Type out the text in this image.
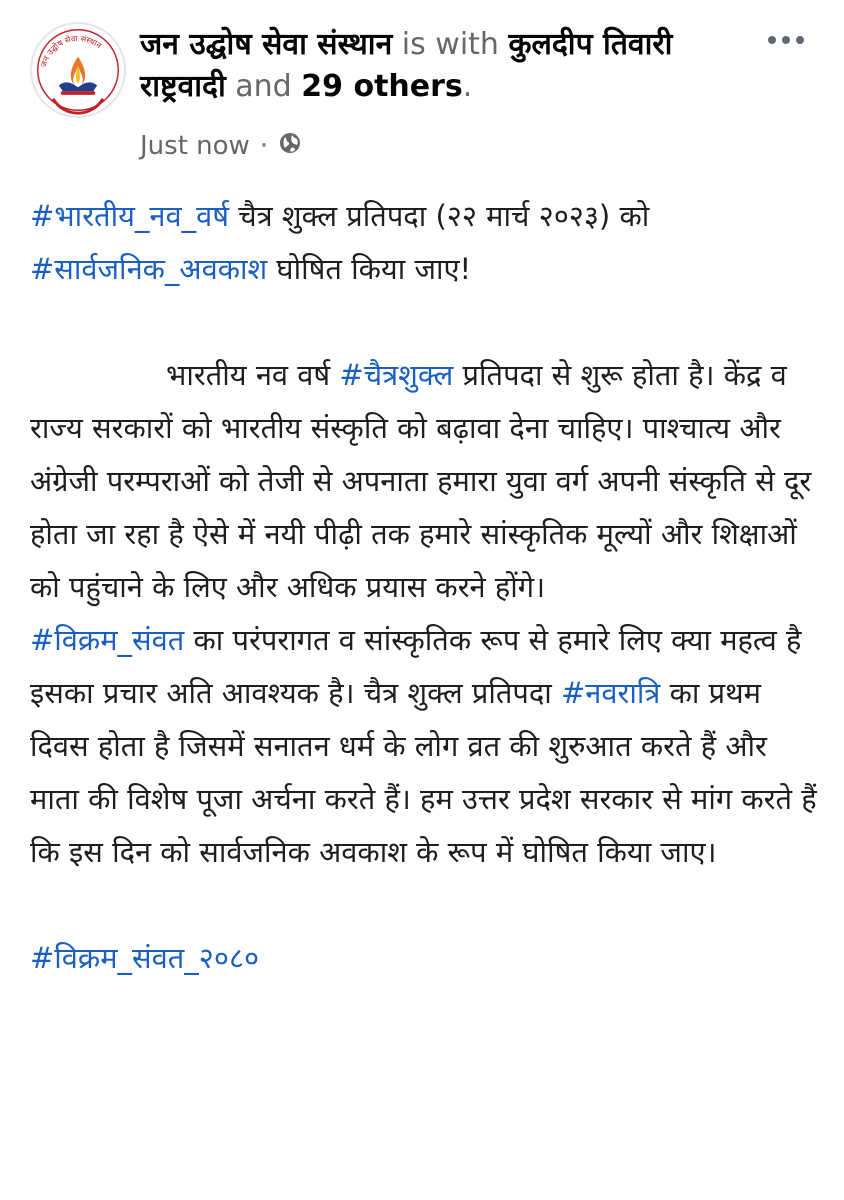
जन उद्घोष सेवा संस्थान जन उद्घोष सेवा संस्थान is with कुलदीप तिवारी राष्ट्रवादी and 29 others.
Just now ·

#भारतीय_नव_वर्ष चैत्र शुक्ल प्रतिपदा (२२ मार्च २०२३) को #सार्वजनिक_अवकाश घोषित किया जाए!

भारतीय नव वर्ष #चैत्रशुक्ल प्रतिपदा से शुरू होता है। केंद्र व राज्य सरकारों को भारतीय संस्कृति को बढ़ावा देना चाहिए। पाश्चात्य और अंग्रेजी परम्पराओं को तेजी से अपनाता हमारा युवा वर्ग अपनी संस्कृति से दूर होता जा रहा है ऐसे में नयी पीढ़ी तक हमारे सांस्कृतिक मूल्यों और शिक्षाओं को पहुंचाने के लिए और अधिक प्रयास करने होंगे।
#विक्रम_संवत का परंपरागत व सांस्कृतिक रूप से हमारे लिए क्या महत्व है इसका प्रचार अति आवश्यक है। चैत्र शुक्ल प्रतिपदा #नवरात्रि का प्रथम दिवस होता है जिसमें सनातन धर्म के लोग व्रत की शुरुआत करते हैं और माता की विशेष पूजा अर्चना करते हैं। हम उत्तर प्रदेश सरकार से मांग करते हैं कि इस दिन को सार्वजनिक अवकाश के रूप में घोषित किया जाए।

#विक्रम_संवत_२०८०
